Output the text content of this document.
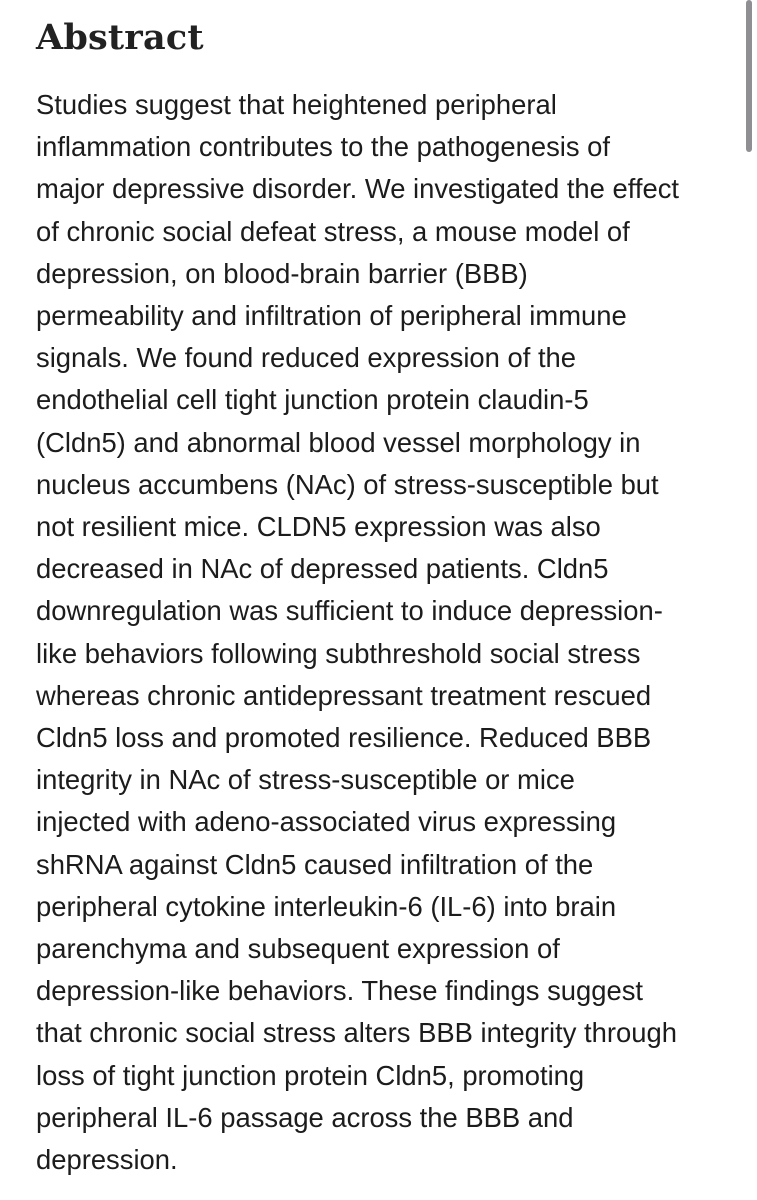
Abstract

Studies suggest that heightened peripheral
inflammation contributes to the pathogenesis of
major depressive disorder. We investigated the effect
of chronic social defeat stress, a mouse model of
depression, on blood-brain barrier (BBB)
permeability and infiltration of peripheral immune
signals. We found reduced expression of the
endothelial cell tight junction protein claudin-5
(Cldn5) and abnormal blood vessel morphology in
nucleus accumbens (NAc) of stress-susceptible but
not resilient mice. CLDN5 expression was also
decreased in NAc of depressed patients. Cldn5
downregulation was sufficient to induce depression-
like behaviors following subthreshold social stress
whereas chronic antidepressant treatment rescued
Cldn5 loss and promoted resilience. Reduced BBB
integrity in NAc of stress-susceptible or mice
injected with adeno-associated virus expressing
shRNA against Cldn5 caused infiltration of the
peripheral cytokine interleukin-6 (IL-6) into brain
parenchyma and subsequent expression of
depression-like behaviors. These findings suggest
that chronic social stress alters BBB integrity through
loss of tight junction protein Cldn5, promoting
peripheral IL-6 passage across the BBB and
depression.
